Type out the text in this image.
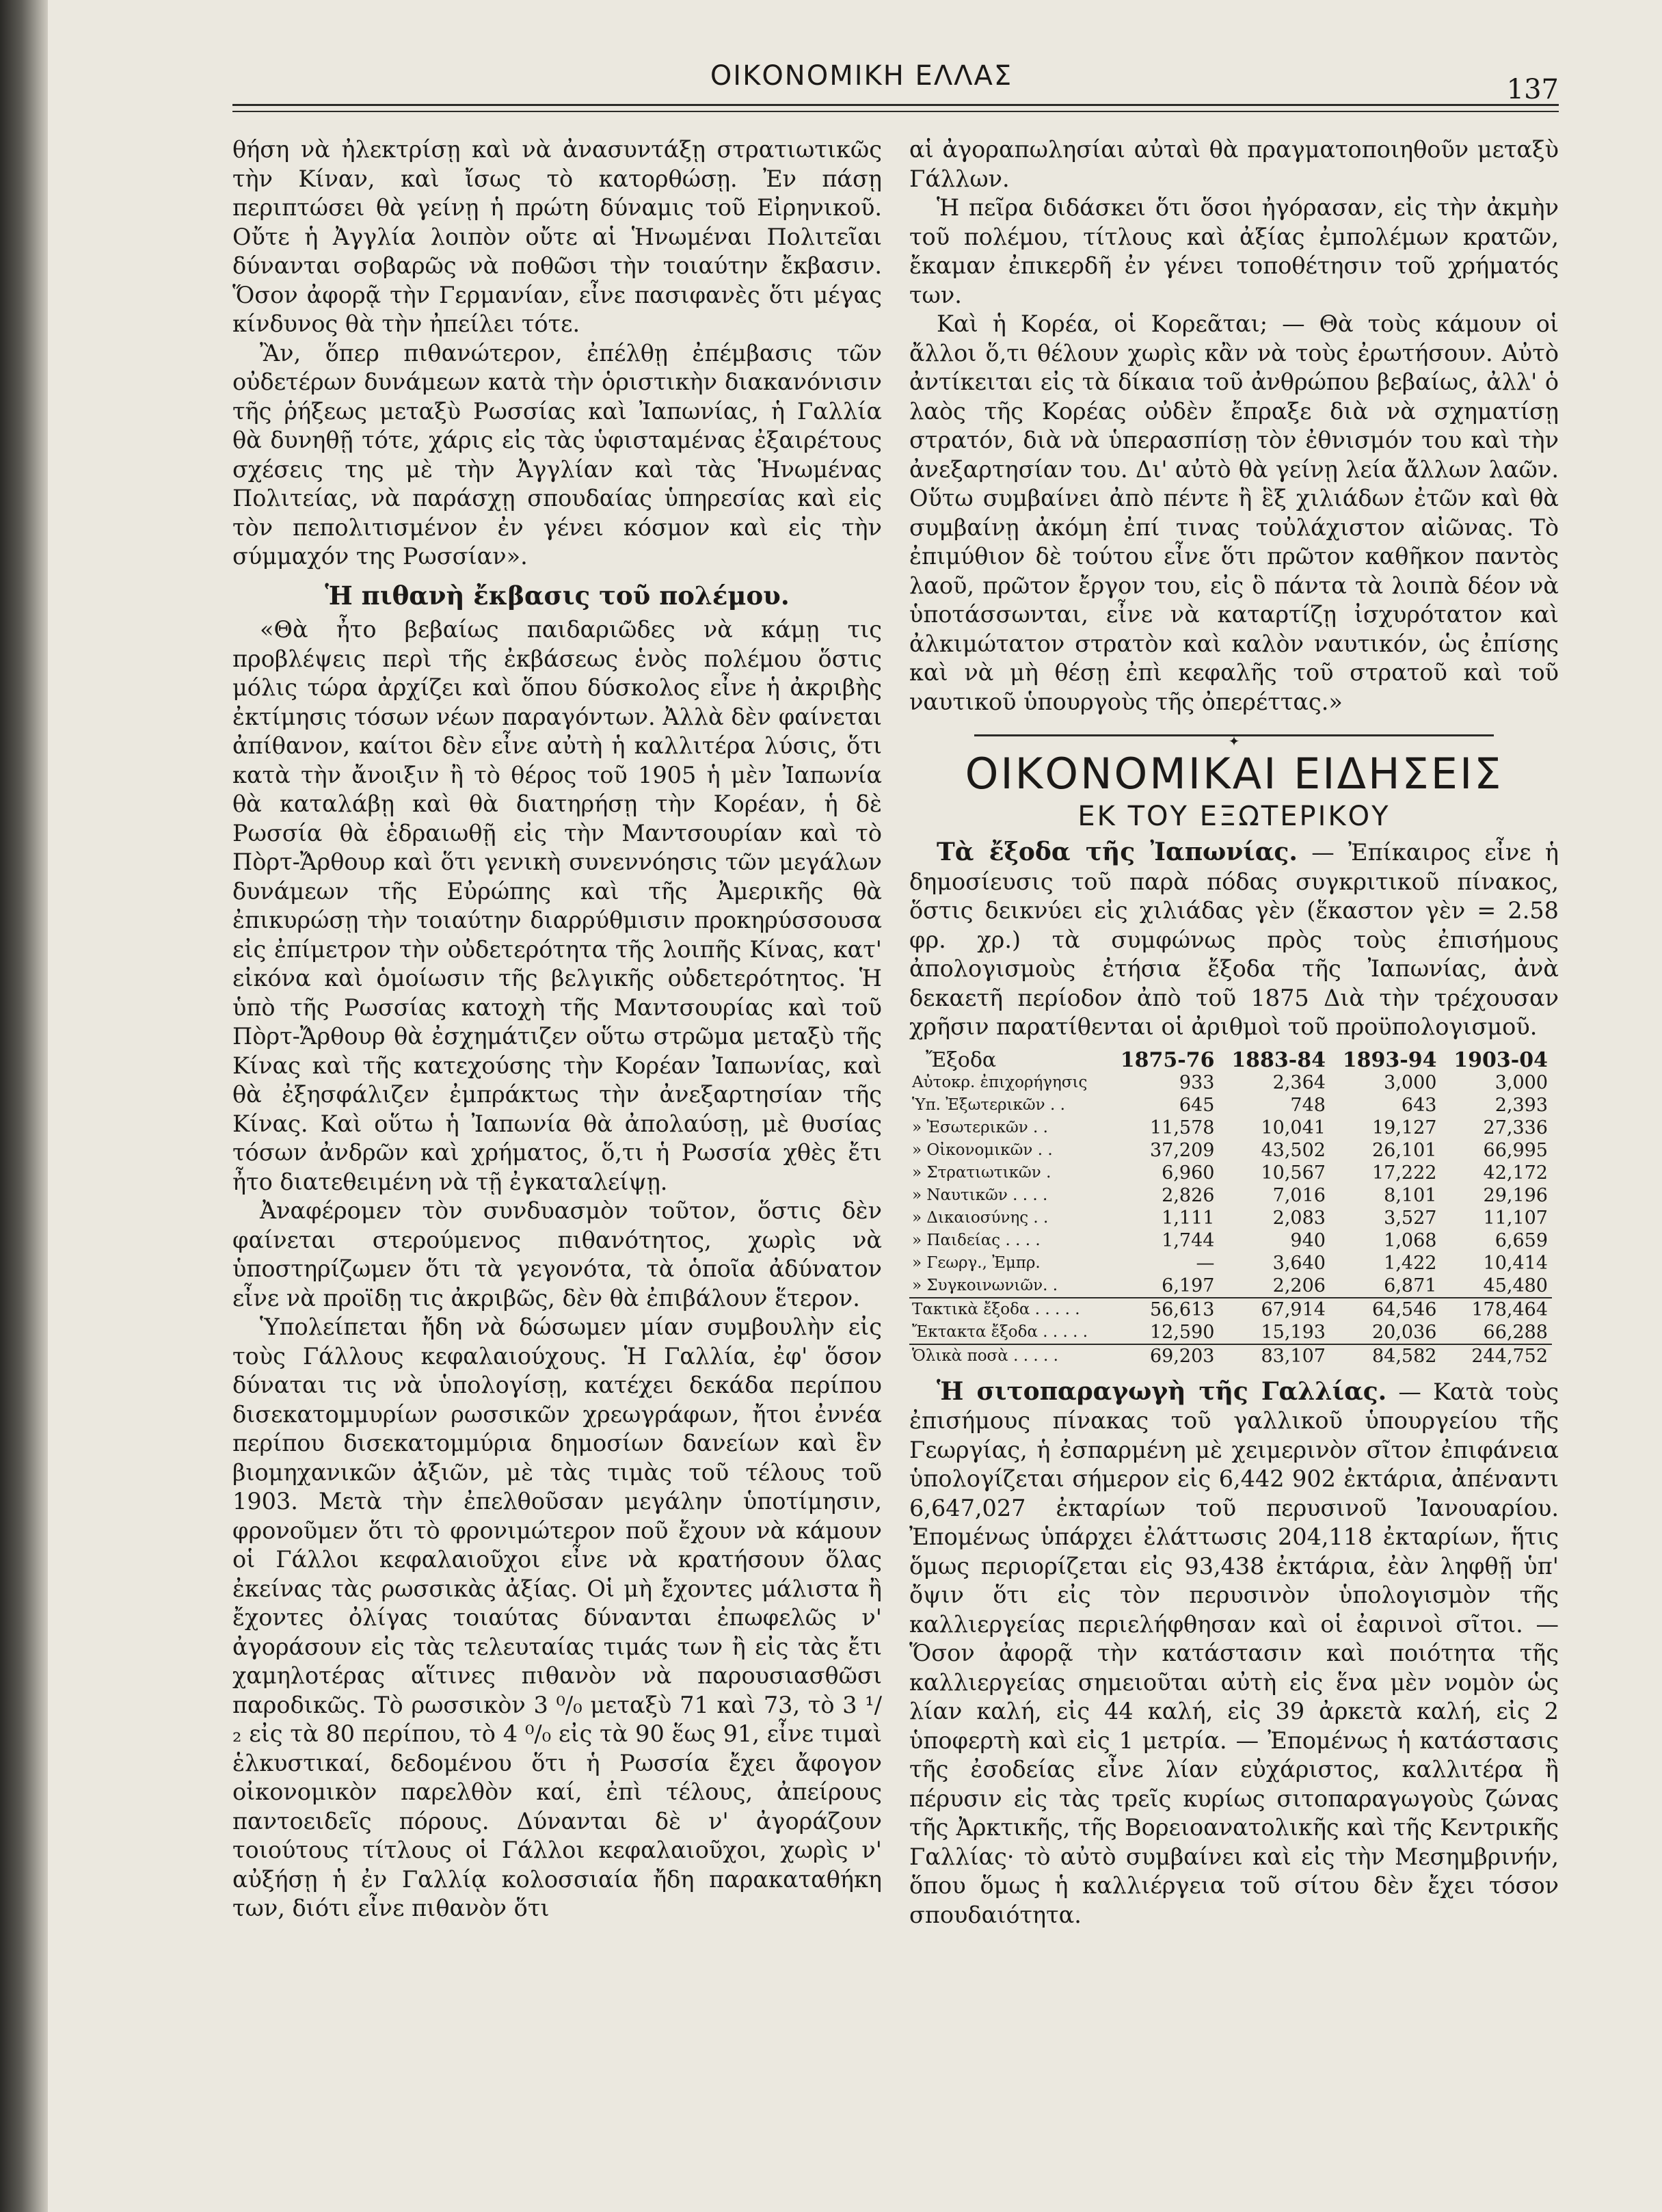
ΟΙΚΟΝΟΜΙΚΗ ΕΛΛΑΣ	137

θήση νὰ ἠλεκτρίσῃ καὶ νὰ ἀνασυντάξῃ στρατιωτικῶς τὴν Κίναν, καὶ ἴσως τὸ κατορθώσῃ. Ἐν πάσῃ περιπτώσει θὰ γείνῃ ἡ πρώτη δύναμις τοῦ Εἰρηνικοῦ. Οὔτε ἡ Ἀγγλία λοιπὸν οὔτε αἱ Ἡνωμέναι Πολιτεῖαι δύνανται σοβαρῶς νὰ ποθῶσι τὴν τοιαύτην ἔκβασιν. Ὅσον ἀφορᾷ τὴν Γερμανίαν, εἶνε πασιφανὲς ὅτι μέγας κίνδυνος θὰ τὴν ἠπείλει τότε.

Ἂν, ὅπερ πιθανώτερον, ἐπέλθῃ ἐπέμβασις τῶν οὐδετέρων δυνάμεων κατὰ τὴν ὁριστικὴν διακανόνισιν τῆς ῥήξεως μεταξὺ Ρωσσίας καὶ Ἰαπωνίας, ἡ Γαλλία θὰ δυνηθῇ τότε, χάρις εἰς τὰς ὑφισταμένας ἐξαιρέτους σχέσεις της μὲ τὴν Ἀγγλίαν καὶ τὰς Ἡνωμένας Πολιτείας, νὰ παράσχῃ σπουδαίας ὑπηρεσίας καὶ εἰς τὸν πεπολιτισμένον ἐν γένει κόσμον καὶ εἰς τὴν σύμμαχόν της Ρωσσίαν».

Ἡ πιθανὴ ἔκβασις τοῦ πολέμου.

«Θὰ ἦτο βεβαίως παιδαριῶδες νὰ κάμῃ τις προβλέψεις περὶ τῆς ἐκβάσεως ἑνὸς πολέμου ὅστις μόλις τώρα ἀρχίζει καὶ ὅπου δύσκολος εἶνε ἡ ἀκριβὴς ἐκτίμησις τόσων νέων παραγόντων. Ἀλλὰ δὲν φαίνεται ἀπίθανον, καίτοι δὲν εἶνε αὐτὴ ἡ καλλιτέρα λύσις, ὅτι κατὰ τὴν ἄνοιξιν ἢ τὸ θέρος τοῦ 1905 ἡ μὲν Ἰαπωνία θὰ καταλάβῃ καὶ θὰ διατηρήσῃ τὴν Κορέαν, ἡ δὲ Ρωσσία θὰ ἑδραιωθῇ εἰς τὴν Μαντσουρίαν καὶ τὸ Πὸρτ-Ἄρθουρ καὶ ὅτι γενικὴ συνεννόησις τῶν μεγάλων δυνάμεων τῆς Εὐρώπης καὶ τῆς Ἀμερικῆς θὰ ἐπικυρώσῃ τὴν τοιαύτην διαρρύθμισιν προκηρύσσουσα εἰς ἐπίμετρον τὴν οὐδετερότητα τῆς λοιπῆς Κίνας, κατ' εἰκόνα καὶ ὁμοίωσιν τῆς βελγικῆς οὐδετερότητος. Ἡ ὑπὸ τῆς Ρωσσίας κατοχὴ τῆς Μαντσουρίας καὶ τοῦ Πὸρτ-Ἄρθουρ θὰ ἐσχημάτιζεν οὕτω στρῶμα μεταξὺ τῆς Κίνας καὶ τῆς κατεχούσης τὴν Κορέαν Ἰαπωνίας, καὶ θὰ ἐξησφάλιζεν ἐμπράκτως τὴν ἀνεξαρτησίαν τῆς Κίνας. Καὶ οὕτω ἡ Ἰαπωνία θὰ ἀπολαύσῃ, μὲ θυσίας τόσων ἀνδρῶν καὶ χρήματος, ὅ,τι ἡ Ρωσσία χθὲς ἔτι ἦτο διατεθειμένη νὰ τῇ ἐγκαταλείψῃ.

Ἀναφέρομεν τὸν συνδυασμὸν τοῦτον, ὅστις δὲν φαίνεται στερούμενος πιθανότητος, χωρὶς νὰ ὑποστηρίζωμεν ὅτι τὰ γεγονότα, τὰ ὁποῖα ἀδύνατον εἶνε νὰ προϊδῃ τις ἀκριβῶς, δὲν θὰ ἐπιβάλουν ἕτερον.

Ὑπολείπεται ἤδη νὰ δώσωμεν μίαν συμβουλὴν εἰς τοὺς Γάλλους κεφαλαιούχους. Ἡ Γαλλία, ἐφ' ὅσον δύναται τις νὰ ὑπολογίσῃ, κατέχει δεκάδα περίπου δισεκατομμυρίων ρωσσικῶν χρεωγράφων, ἤτοι ἐννέα περίπου δισεκατομμύρια δημοσίων δανείων καὶ ἓν βιομηχανικῶν ἀξιῶν, μὲ τὰς τιμὰς τοῦ τέλους τοῦ 1903. Μετὰ τὴν ἐπελθοῦσαν μεγάλην ὑποτίμησιν, φρονοῦμεν ὅτι τὸ φρονιμώτερον ποῦ ἔχουν νὰ κάμουν οἱ Γάλλοι κεφαλαιοῦχοι εἶνε νὰ κρατήσουν ὅλας ἐκείνας τὰς ρωσσικὰς ἀξίας. Οἱ μὴ ἔχοντες μάλιστα ἢ ἔχοντες ὀλίγας τοιαύτας δύνανται ἐπωφελῶς ν' ἀγοράσουν εἰς τὰς τελευταίας τιμάς των ἢ εἰς τὰς ἔτι χαμηλοτέρας αἵτινες πιθανὸν νὰ παρουσιασθῶσι παροδικῶς. Τὸ ρωσσικὸν 3 ⁰/₀ μεταξὺ 71 καὶ 73, τὸ 3 ¹/₂ εἰς τὰ 80 περίπου, τὸ 4 ⁰/₀ εἰς τὰ 90 ἕως 91, εἶνε τιμαὶ ἑλκυστικαί, δεδομένου ὅτι ἡ Ρωσσία ἔχει ἄφογον οἰκονομικὸν παρελθὸν καί, ἐπὶ τέλους, ἀπείρους παντοειδεῖς πόρους. Δύνανται δὲ ν' ἀγοράζουν τοιούτους τίτλους οἱ Γάλλοι κεφαλαιοῦχοι, χωρὶς ν' αὐξήσῃ ἡ ἐν Γαλλίᾳ κολοσσιαία ἤδη παρακαταθήκη των, διότι εἶνε πιθανὸν ὅτι

αἱ ἀγοραπωλησίαι αὐταὶ θὰ πραγματοποιηθοῦν μεταξὺ Γάλλων.

Ἡ πεῖρα διδάσκει ὅτι ὅσοι ἠγόρασαν, εἰς τὴν ἀκμὴν τοῦ πολέμου, τίτλους καὶ ἀξίας ἐμπολέμων κρατῶν, ἔκαμαν ἐπικερδῆ ἐν γένει τοποθέτησιν τοῦ χρήματός των.

Καὶ ἡ Κορέα, οἱ Κορεᾶται; — Θὰ τοὺς κάμουν οἱ ἄλλοι ὅ,τι θέλουν χωρὶς κἂν νὰ τοὺς ἐρωτήσουν. Αὐτὸ ἀντίκειται εἰς τὰ δίκαια τοῦ ἀνθρώπου βεβαίως, ἀλλ' ὁ λαὸς τῆς Κορέας οὐδὲν ἔπραξε διὰ νὰ σχηματίσῃ στρατόν, διὰ νὰ ὑπερασπίσῃ τὸν ἐθνισμόν του καὶ τὴν ἀνεξαρτησίαν του. Δι' αὐτὸ θὰ γείνῃ λεία ἄλλων λαῶν. Οὕτω συμβαίνει ἀπὸ πέντε ἢ ἓξ χιλιάδων ἐτῶν καὶ θὰ συμβαίνῃ ἀκόμη ἐπί τινας τοὐλάχιστον αἰῶνας. Τὸ ἐπιμύθιον δὲ τούτου εἶνε ὅτι πρῶτον καθῆκον παντὸς λαοῦ, πρῶτον ἔργον του, εἰς ὃ πάντα τὰ λοιπὰ δέον νὰ ὑποτάσσωνται, εἶνε νὰ καταρτίζῃ ἰσχυρότατον καὶ ἀλκιμώτατον στρατὸν καὶ καλὸν ναυτικόν, ὡς ἐπίσης καὶ νὰ μὴ θέσῃ ἐπὶ κεφαλῆς τοῦ στρατοῦ καὶ τοῦ ναυτικοῦ ὑπουργοὺς τῆς ὀπερέττας.»

✦
ΟΙΚΟΝΟΜΙΚΑΙ ΕΙΔΗΣΕΙΣ
ΕΚ ΤΟΥ ΕΞΩΤΕΡΙΚΟΥ

Τὰ ἔξοδα τῆς Ἰαπωνίας. — Ἐπίκαιρος εἶνε ἡ δημοσίευσις τοῦ παρὰ πόδας συγκριτικοῦ πίνακος, ὅστις δεικνύει εἰς χιλιάδας γὲν (ἕκαστον γὲν = 2.58 φρ. χρ.) τὰ συμφώνως πρὸς τοὺς ἐπισήμους ἀπολογισμοὺς ἐτήσια ἔξοδα τῆς Ἰαπωνίας, ἀνὰ δεκαετῆ περίοδον ἀπὸ τοῦ 1875 Διὰ τὴν τρέχουσαν χρῆσιν παρατίθενται οἱ ἀριθμοὶ τοῦ προϋπολογισμοῦ.

Ἔξοδα	1875-76	1883-84	1893-94	1903-04
Αὐτοκρ. ἐπιχορήγησις	933	2,364	3,000	3,000
Ὑπ. Ἐξωτερικῶν . .	645	748	643	2,393
» Ἐσωτερικῶν . .	11,578	10,041	19,127	27,336
» Οἰκονομικῶν . .	37,209	43,502	26,101	66,995
» Στρατιωτικῶν .	6,960	10,567	17,222	42,172
» Ναυτικῶν . . . .	2,826	7,016	8,101	29,196
» Δικαιοσύνης . .	1,111	2,083	3,527	11,107
» Παιδείας . . . .	1,744	940	1,068	6,659
» Γεωργ., Ἐμπρ.	—	3,640	1,422	10,414
» Συγκοινωνιῶν. .	6,197	2,206	6,871	45,480
Τακτικὰ ἔξοδα . . . . .	56,613	67,914	64,546	178,464
Ἔκτακτα ἔξοδα . . . . .	12,590	15,193	20,036	66,288
Ὁλικὰ ποσὰ . . . . .	69,203	83,107	84,582	244,752

Ἡ σιτοπαραγωγὴ τῆς Γαλλίας. — Κατὰ τοὺς ἐπισήμους πίνακας τοῦ γαλλικοῦ ὑπουργείου τῆς Γεωργίας, ἡ ἐσπαρμένη μὲ χειμερινὸν σῖτον ἐπιφάνεια ὑπολογίζεται σήμερον εἰς 6,442 902 ἐκτάρια, ἀπέναντι 6,647,027 ἐκταρίων τοῦ περυσινοῦ Ἰανουαρίου. Ἐπομένως ὑπάρχει ἐλάττωσις 204,118 ἐκταρίων, ἥτις ὅμως περιορίζεται εἰς 93,438 ἐκτάρια, ἐὰν ληφθῇ ὑπ' ὄψιν ὅτι εἰς τὸν περυσινὸν ὑπολογισμὸν τῆς καλλιεργείας περιελήφθησαν καὶ οἱ ἐαρινοὶ σῖτοι. — Ὅσον ἀφορᾷ τὴν κατάστασιν καὶ ποιότητα τῆς καλλιεργείας σημειοῦται αὐτὴ εἰς ἕνα μὲν νομὸν ὡς λίαν καλή, εἰς 44 καλή, εἰς 39 ἀρκετὰ καλή, εἰς 2 ὑποφερτὴ καὶ εἰς 1 μετρία. — Ἐπομένως ἡ κατάστασις τῆς ἐσοδείας εἶνε λίαν εὐχάριστος, καλλιτέρα ἢ πέρυσιν εἰς τὰς τρεῖς κυρίως σιτοπαραγωγοὺς ζώνας τῆς Ἀρκτικῆς, τῆς Βορειοανατολικῆς καὶ τῆς Κεντρικῆς Γαλλίας· τὸ αὐτὸ συμβαίνει καὶ εἰς τὴν Μεσημβρινήν, ὅπου ὅμως ἡ καλλιέργεια τοῦ σίτου δὲν ἔχει τόσον σπουδαιότητα.
